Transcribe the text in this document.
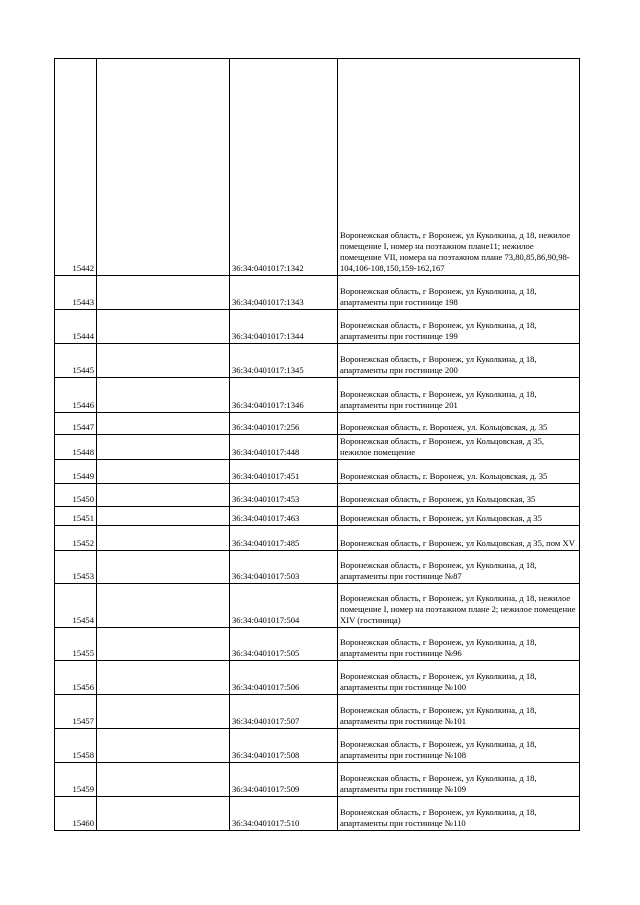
15442		36:34:0401017:1342	Воронежская область, г Воронеж, ул Куколкина, д 18, нежилое помещение I, номер на поэтажном плане11; нежилое помещение VII, номера на поэтажном плане 73,80,85,86,90,98-104,106-108,150,159-162,167
15443		36:34:0401017:1343	Воронежская область, г Воронеж, ул Куколкина, д 18, апартаменты при гостинице 198
15444		36:34:0401017:1344	Воронежская область, г Воронеж, ул Куколкина, д 18, апартаменты при гостинице 199
15445		36:34:0401017:1345	Воронежская область, г Воронеж, ул Куколкина, д 18, апартаменты при гостинице 200
15446		36:34:0401017:1346	Воронежская область, г Воронеж, ул Куколкина, д 18, апартаменты при гостинице 201
15447		36:34:0401017:256	Воронежская область, г. Воронеж, ул. Кольцовская, д. 35
15448		36:34:0401017:448	Воронежская область, г Воронеж, ул Кольцовская, д 35, нежилое помещение
15449		36:34:0401017:451	Воронежская область, г. Воронеж, ул. Кольцовская, д. 35
15450		36:34:0401017:453	Воронежская область, г Воронеж, ул Кольцовская, 35
15451		36:34:0401017:463	Воронежская область, г Воронеж, ул Кольцовская, д 35
15452		36:34:0401017:485	Воронежская область, г Воронеж, ул Кольцовская, д 35, пом XV
15453		36:34:0401017:503	Воронежская область, г Воронеж, ул Куколкина, д 18, апартаменты при гостинице №87
15454		36:34:0401017:504	Воронежская область, г Воронеж, ул Куколкина, д 18, нежилое помещение I, номер на поэтажном плане 2; нежилое помещение XIV (гостиница)
15455		36:34:0401017:505	Воронежская область, г Воронеж, ул Куколкина, д 18, апартаменты при гостинице №96
15456		36:34:0401017:506	Воронежская область, г Воронеж, ул Куколкина, д 18, апартаменты при гостинице №100
15457		36:34:0401017:507	Воронежская область, г Воронеж, ул Куколкина, д 18, апартаменты при гостинице №101
15458		36:34:0401017:508	Воронежская область, г Воронеж, ул Куколкина, д 18, апартаменты при гостинице №108
15459		36:34:0401017:509	Воронежская область, г Воронеж, ул Куколкина, д 18, апартаменты при гостинице №109
15460		36:34:0401017:510	Воронежская область, г Воронеж, ул Куколкина, д 18, апартаменты при гостинице №110
